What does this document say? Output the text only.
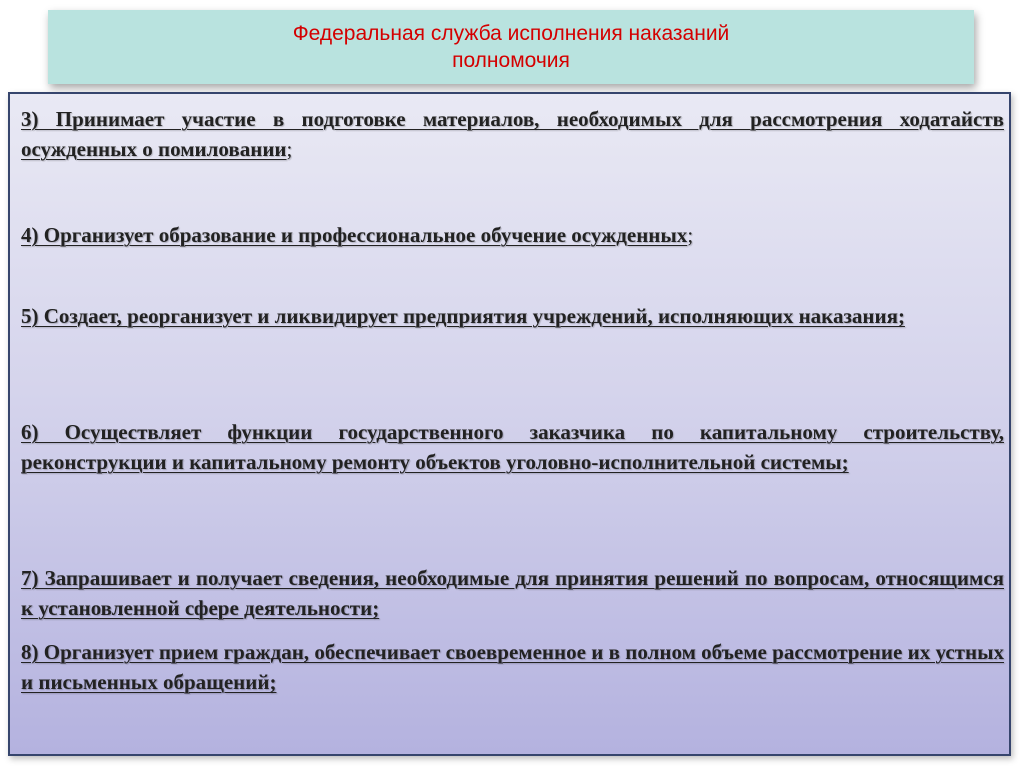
Федеральная служба исполнения наказаний
полномочия
3) Принимает участие в подготовке материалов, необходимых для рассмотрения ходатайств осужденных о помиловании;
4) Организует образование и профессиональное обучение осужденных;
5) Создает, реорганизует и ликвидирует предприятия учреждений, исполняющих наказания;
6) Осуществляет функции государственного заказчика по капитальному строительству, реконструкции и капитальному ремонту объектов уголовно-исполнительной системы;
7) Запрашивает и получает сведения, необходимые для принятия решений по вопросам, относящимся к установленной сфере деятельности;
8) Организует прием граждан, обеспечивает своевременное и в полном объеме рассмотрение их устных и письменных обращений;
